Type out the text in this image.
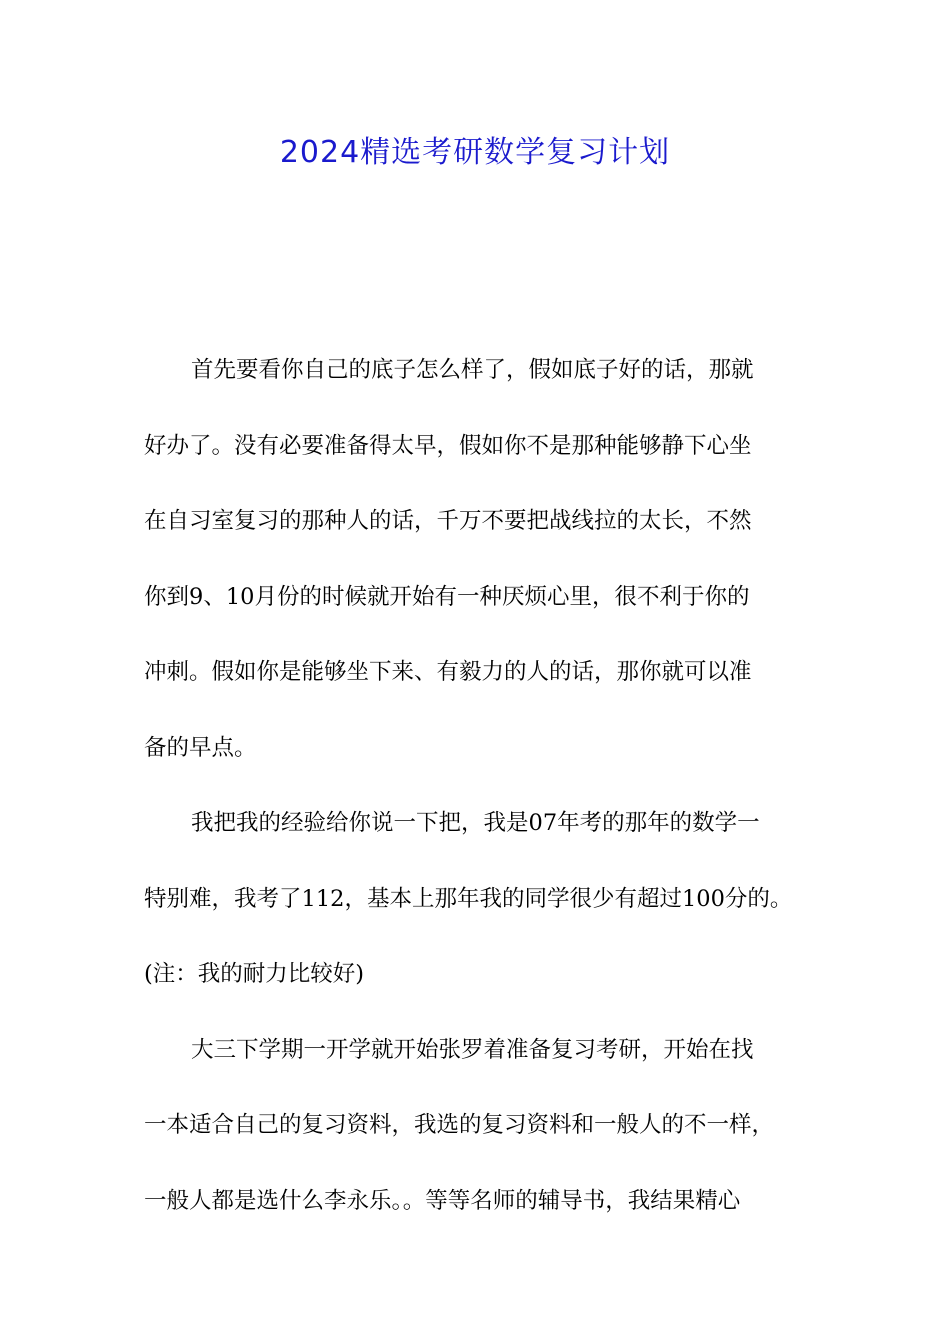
2024精选考研数学复习计划
首先要看你自己的底子怎么样了，假如底子好的话，那就
好办了。没有必要准备得太早，假如你不是那种能够静下心坐
在自习室复习的那种人的话，千万不要把战线拉的太长，不然
你到9、10月份的时候就开始有一种厌烦心里，很不利于你的
冲刺。假如你是能够坐下来、有毅力的人的话，那你就可以准
备的早点。
我把我的经验给你说一下把，我是07年考的那年的数学一
特别难，我考了112，基本上那年我的同学很少有超过100分的。
(注：我的耐力比较好)
大三下学期一开学就开始张罗着准备复习考研，开始在找
一本适合自己的复习资料，我选的复习资料和一般人的不一样，
一般人都是选什么李永乐。。等等名师的辅导书，我结果精心
